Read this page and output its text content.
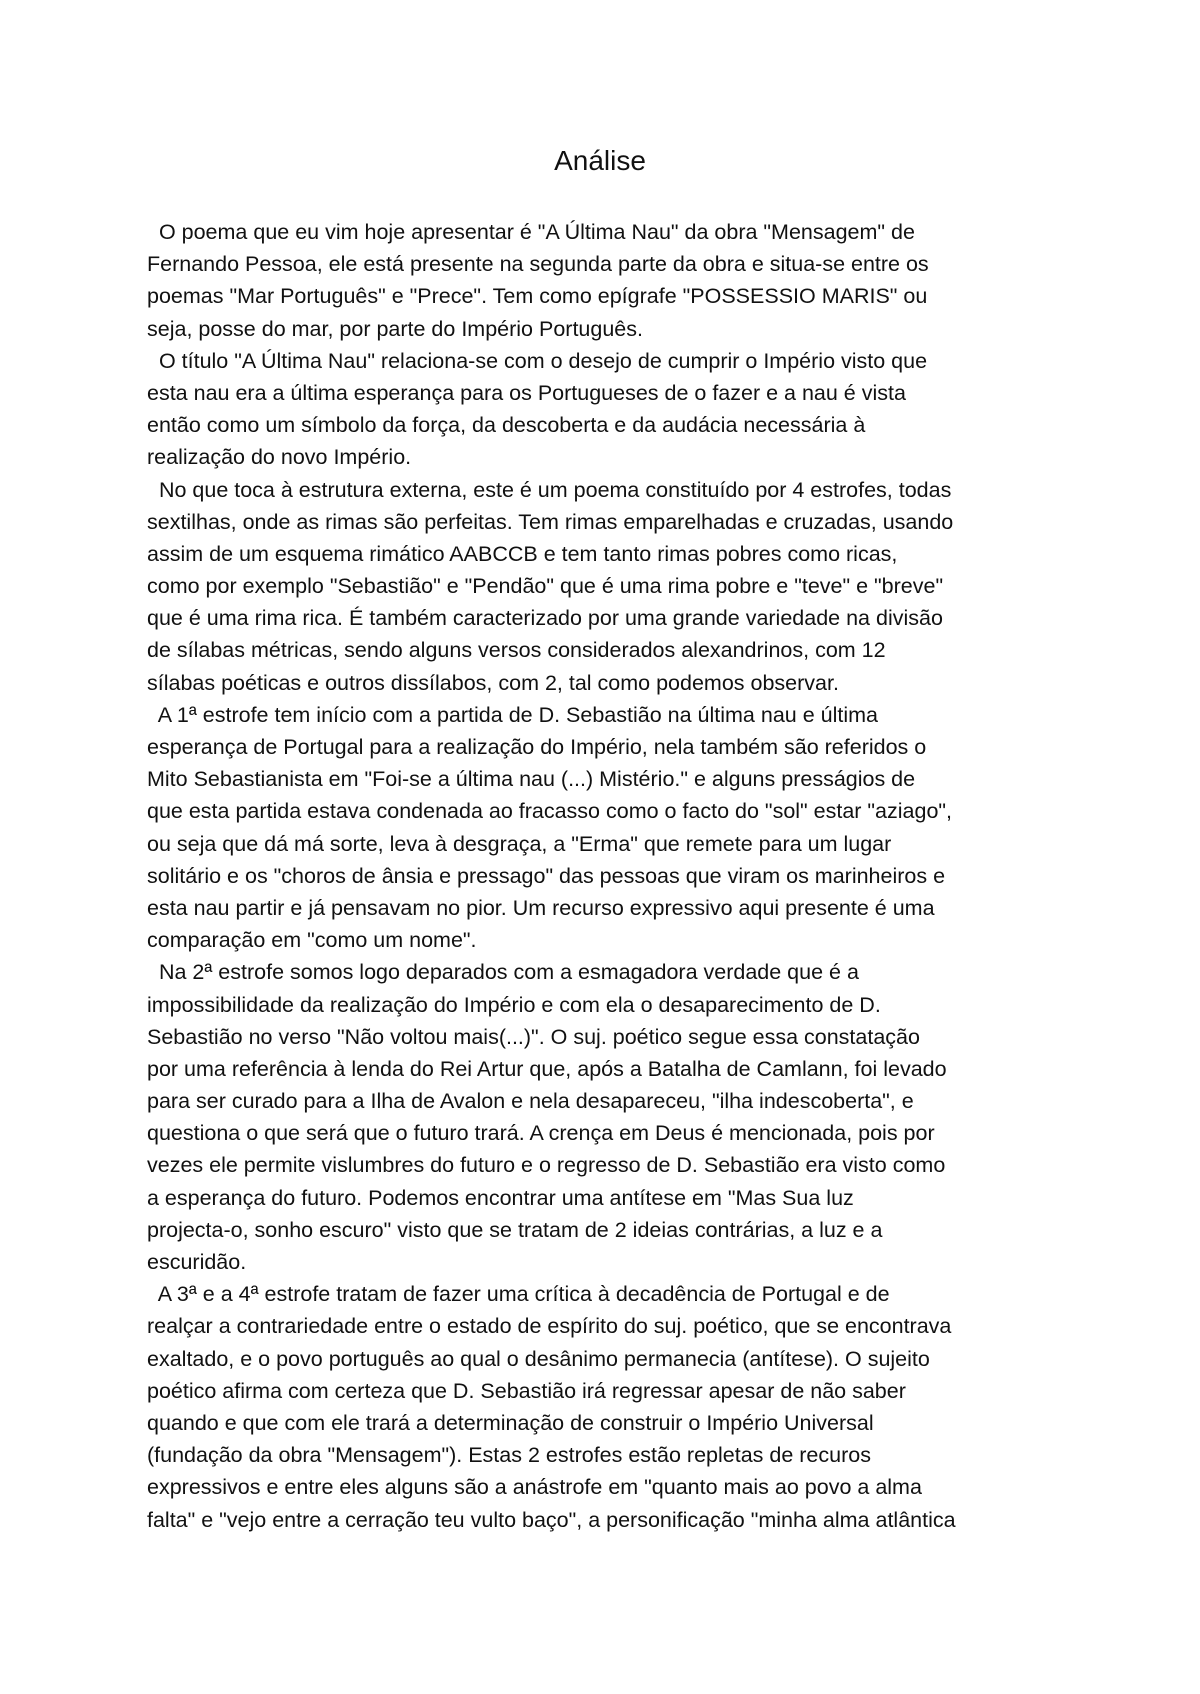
Análise

O poema que eu vim hoje apresentar é "A Última Nau" da obra "Mensagem" de

Fernando Pessoa, ele está presente na segunda parte da obra e situa-se entre os

poemas "Mar Português" e "Prece". Tem como epígrafe "POSSESSIO MARIS" ou

seja, posse do mar, por parte do Império Português.

O título "A Última Nau" relaciona-se com o desejo de cumprir o Império visto que

esta nau era a última esperança para os Portugueses de o fazer e a nau é vista

então como um símbolo da força, da descoberta e da audácia necessária à

realização do novo Império.

No que toca à estrutura externa, este é um poema constituído por 4 estrofes, todas

sextilhas, onde as rimas são perfeitas. Tem rimas emparelhadas e cruzadas, usando

assim de um esquema rimático AABCCB e tem tanto rimas pobres como ricas,

como por exemplo "Sebastião" e "Pendão" que é uma rima pobre e "teve" e "breve"

que é uma rima rica. É também caracterizado por uma grande variedade na divisão

de sílabas métricas, sendo alguns versos considerados alexandrinos, com 12

sílabas poéticas e outros dissílabos, com 2, tal como podemos observar.

A 1ª estrofe tem início com a partida de D. Sebastião na última nau e última

esperança de Portugal para a realização do Império, nela também são referidos o

Mito Sebastianista em "Foi-se a última nau (...) Mistério." e alguns presságios de

que esta partida estava condenada ao fracasso como o facto do "sol" estar "aziago",

ou seja que dá má sorte, leva à desgraça, a "Erma" que remete para um lugar

solitário e os "choros de ânsia e pressago" das pessoas que viram os marinheiros e

esta nau partir e já pensavam no pior. Um recurso expressivo aqui presente é uma

comparação em "como um nome".

Na 2ª estrofe somos logo deparados com a esmagadora verdade que é a

impossibilidade da realização do Império e com ela o desaparecimento de D.

Sebastião no verso "Não voltou mais(...)". O suj. poético segue essa constatação

por uma referência à lenda do Rei Artur que, após a Batalha de Camlann, foi levado

para ser curado para a Ilha de Avalon e nela desapareceu, "ilha indescoberta", e

questiona o que será que o futuro trará. A crença em Deus é mencionada, pois por

vezes ele permite vislumbres do futuro e o regresso de D. Sebastião era visto como

a esperança do futuro. Podemos encontrar uma antítese em "Mas Sua luz

projecta-o, sonho escuro" visto que se tratam de 2 ideias contrárias, a luz e a

escuridão.

A 3ª e a 4ª estrofe tratam de fazer uma crítica à decadência de Portugal e de

realçar a contrariedade entre o estado de espírito do suj. poético, que se encontrava

exaltado, e o povo português ao qual o desânimo permanecia (antítese). O sujeito

poético afirma com certeza que D. Sebastião irá regressar apesar de não saber

quando e que com ele trará a determinação de construir o Império Universal

(fundação da obra "Mensagem"). Estas 2 estrofes estão repletas de recuros

expressivos e entre eles alguns são a anástrofe em "quanto mais ao povo a alma

falta" e "vejo entre a cerração teu vulto baço", a personificação "minha alma atlântica
